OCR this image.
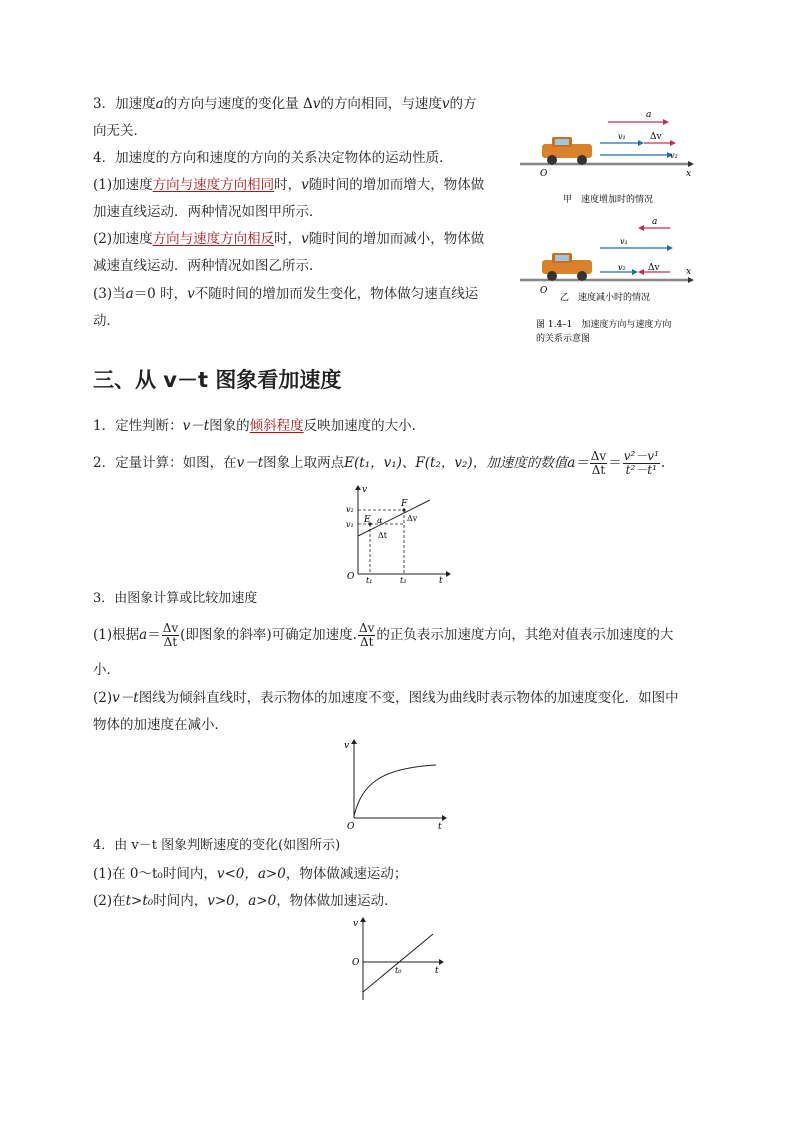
3．加速度a的方向与速度的变化量 Δv的方向相同，与速度v的方
向无关．
4．加速度的方向和速度的方向的关系决定物体的运动性质．
(1)加速度方向与速度方向相同时，v随时间的增加而增大，物体做
加速直线运动．两种情况如图甲所示．
(2)加速度方向与速度方向相反时，v随时间的增加而减小，物体做
减速直线运动．两种情况如图乙所示．
(3)当a＝0 时，v不随时间的增加而发生变化，物体做匀速直线运
动．
a
v₁	Δv
v₂
O	x
甲　速度增加时的情况
a
v₁
v₂ Δv
O
x
乙　速度减小时的情况
图 1.4–1　加速度方向与速度方向
的关系示意图
三、从 v－t 图象看加速度
1．定性判断：v－t图象的倾斜程度反映加速度的大小．
2．定量计算：如图，在v－t图象上取两点E(t₁，v₁)、F(t₂，v₂)，加速度的数值$a= \frac{\Delta v}{\Delta t} = \frac{\text{v²－v¹}}{\text{t²－t¹}}$ .
v
v₂
v₁ E
F
α	Δv
Δt
O t₁	t₂	t
3．由图象计算或比较加速度
(1)根据$a= \frac{\Delta v}{\Delta t}$ (即图象的斜率)可确定加速度. $\frac{\Delta v}{\Delta t}$ 的正负表示加速度方向，其绝对值表示加速度的大
小．
(2)v－t图线为倾斜直线时，表示物体的加速度不变，图线为曲线时表示物体的加速度变化．如图中
物体的加速度在减小．
v
O	t
4．由 v－t 图象判断速度的变化(如图所示)
(1)在 0～t₀时间内，v<0，a>0，物体做减速运动；
(2)在t>t₀时间内，v>0，a>0，物体做加速运动．
v
O
t₀	t
